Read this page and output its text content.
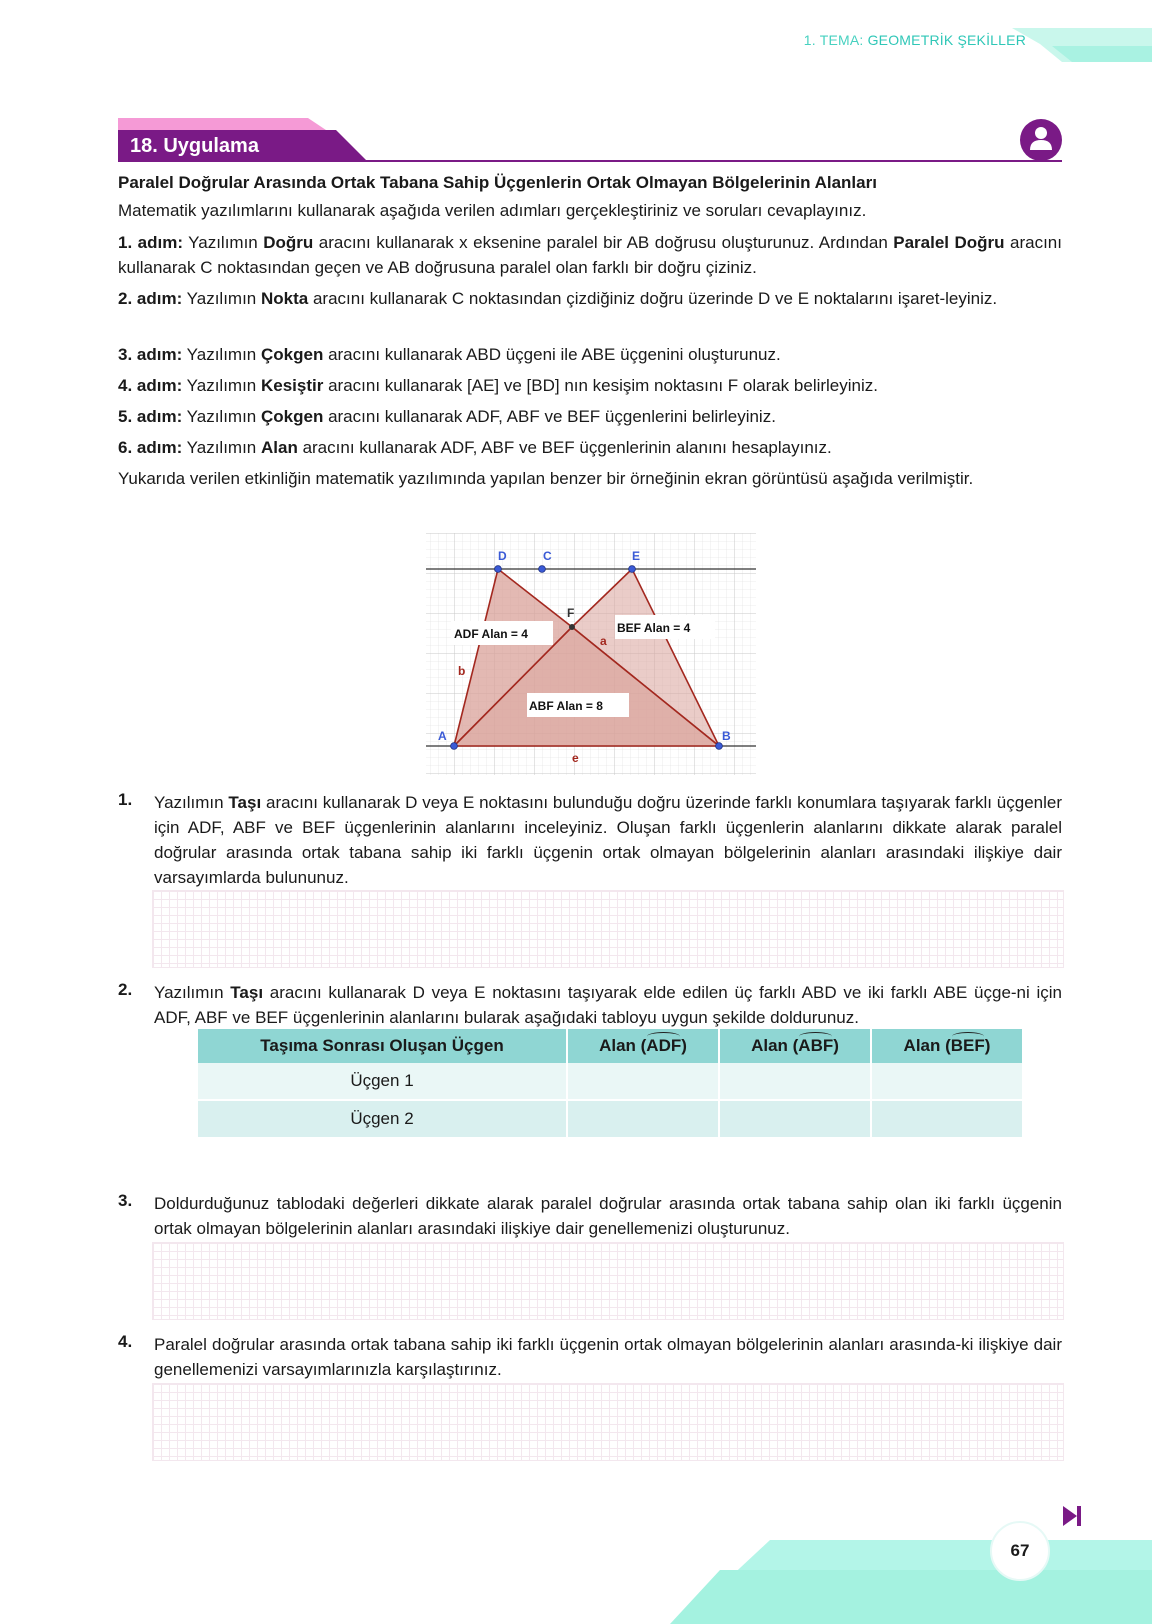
1. TEMA: GEOMETRİK ŞEKİLLER
18. Uygulama
Paralel Doğrular Arasında Ortak Tabana Sahip Üçgenlerin Ortak Olmayan Bölgelerinin Alanları
Matematik yazılımlarını kullanarak aşağıda verilen adımları gerçekleştiriniz ve soruları cevaplayınız.
1. adım: Yazılımın Doğru aracını kullanarak x eksenine paralel bir AB doğrusu oluşturunuz. Ardından Paralel Doğru aracını kullanarak C noktasından geçen ve AB doğrusuna paralel olan farklı bir doğru çiziniz.
2. adım: Yazılımın Nokta aracını kullanarak C noktasından çizdiğiniz doğru üzerinde D ve E noktalarını işaret-leyiniz.
3. adım: Yazılımın Çokgen aracını kullanarak ABD üçgeni ile ABE üçgenini oluşturunuz.
4. adım: Yazılımın Kesiştir aracını kullanarak [AE] ve [BD] nın kesişim noktasını F olarak belirleyiniz.
5. adım: Yazılımın Çokgen aracını kullanarak ADF, ABF ve BEF üçgenlerini belirleyiniz.
6. adım: Yazılımın Alan aracını kullanarak ADF, ABF ve BEF üçgenlerinin alanını hesaplayınız.
Yukarıda verilen etkinliğin matematik yazılımında yapılan benzer bir örneğinin ekran görüntüsü aşağıda verilmiştir.
D	C	E
F
A	B
a
b
e
ADF Alan = 4	BEF Alan = 4
ABF Alan = 8
1. Yazılımın Taşı aracını kullanarak D veya E noktasını bulunduğu doğru üzerinde farklı konumlara taşıyarak farklı üçgenler için ADF, ABF ve BEF üçgenlerinin alanlarını inceleyiniz. Oluşan farklı üçgenlerin alanlarını dikkate alarak paralel doğrular arasında ortak tabana sahip iki farklı üçgenin ortak olmayan bölgelerinin alanları arasındaki ilişkiye dair varsayımlarda bulununuz.
2. Yazılımın Taşı aracını kullanarak D veya E noktasını taşıyarak elde edilen üç farklı ABD ve iki farklı ABE üçge-ni için ADF, ABF ve BEF üçgenlerinin alanlarını bularak aşağıdaki tabloyu uygun şekilde doldurunuz.
Taşıma Sonrası Oluşan Üçgen	Alan (ADF)	Alan (ABF)	Alan (BEF)
Üçgen 1			
Üçgen 2			
3. Doldurduğunuz tablodaki değerleri dikkate alarak paralel doğrular arasında ortak tabana sahip olan iki farklı üçgenin ortak olmayan bölgelerinin alanları arasındaki ilişkiye dair genellemenizi oluşturunuz.
4. Paralel doğrular arasında ortak tabana sahip iki farklı üçgenin ortak olmayan bölgelerinin alanları arasında-ki ilişkiye dair genellemenizi varsayımlarınızla karşılaştırınız.
67
